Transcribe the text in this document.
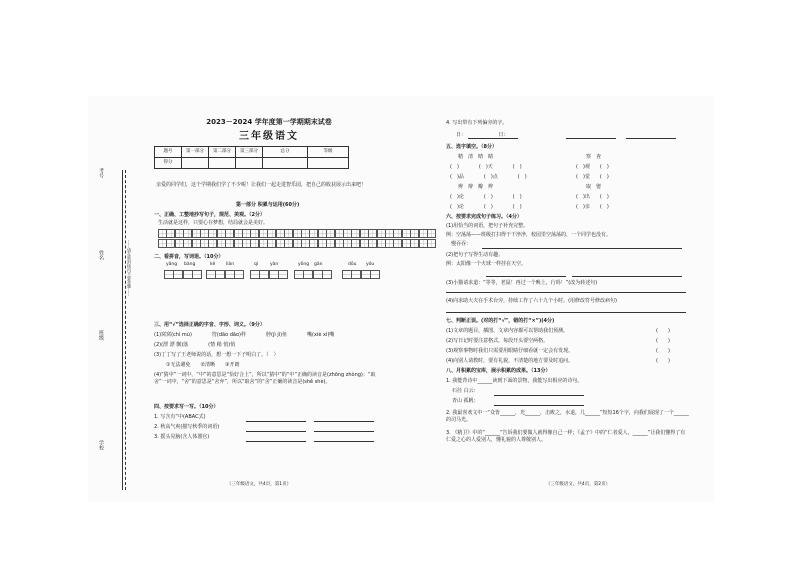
考号
姓名
班级
学校
……请在密封线内不要答题……
2023－2024 学年度第一学期期末试卷
三年级语文
题号	第一部分	第二部分	第三部分	总分	等级
得分					
亲爱的同学们，这个学期我们学了不少呢！让我们一起走进智乐园，把自己的收获展示出来吧！
第一部分 积累与运用(60分)
一、正确、工整地抄写句子，规范、美观。（2分）
生活就是这样，只要心存梦想，结局就会是美好。
二、看拼音，写词语。（10分）
yǎng bàng	kě liàn	qì	yàn	yǒng gǎn	dōu yóu
三、用“√”选择正确的字音、字形、词义。（9分）
(1)窝窝(chì mù)　　　　符(dāo dāo)样　　　　脖(jì jì)鱼　　　　嘴(xiè xì)嘴
(2)(漂 漂 飘)落　　　　(情 稍 悄)悄
(3)丁丁写了王老师说的话，想一想一下子明白了。（　）
①无法避免　　②清晰　　③开朗
(4)“猜中”一词中，“中”的意思是“恰好合上”，所以“猜中”的“中”正确的读音是(zhōng zhòng)；“取舍”一词中，“舍”的意思是“舍弃”，所以“取舍”的“舍”正确的读音是(shě shè)。
四、按要求写一写。（10分）
1. 写含有“中(ABAC式)
2. 秋高气爽(描写秋季的词语)
3. 摇头晃脑(含人体器官)
（三年级语文，共4页，第1页）
4. 写出带有下列偏旁的字。
日：　　　　　　　日：
五、选字填空。（8分）
精　清　晴　睛	察　查
(　)　　　　(　)天　　　　(　)	(　)观　　(　)
(　)品　　　　(　)点　　　　(　)	(　)觉　　(　)
辨　辩　瓣　辫	取　娶
(　)论　　　　(　)　　　　(　)	(　)出　　(　)
(　)论　　　　(　)　　　　(　)	(　)亲　　(　)
六、按要求完成句子练习。（4分）
(1)用恰当的词语，把句子补充完整。
例：空荡荡——班级打扫得干干净净，校园里空荡荡的，一个同学也没有。
　慢吞吞：
(2)把句子写得生动有趣。
例：太阳像一个火球一样挂在天空。
(3)小猫请求道：“等等，老鼠！再过一个晚上，行吗！”(改为转述句)
(4)向求助大夫在手术台旁，持续工作了六十九个小时。(用修改符号修改病句)
七、判断正误。(对的打“√”，错的打“×”)(4分)
(1)文章的题目，插图、文章内容都可以帮助我们预测。	(　　)
(2)写日记时要注意格式，每段开头要空两格。	(　　)
(3)观察事物时我们只需要用眼睛仔细看就一定会有发现。	(　　)
(4)向别人请教时，要有礼貌，不清楚的地方要及时追问。	(　　)
八、月积累的宝库，展示积累的成果。（13分）
1. 我能背诗中______读到下面的景物，我能写出相应的诗句。
石径 白云：
青山 孤帆：
2. 我最喜欢文中一“众皆______，光______，击败之，水退，儿______”短短16个字，向我们展现了一个______的司马光。
3. 《精卫》中的“______”告诉我们要做人就得像自己一样；《孟子》中的“仁者爱人，______”让我们懂得了有仁爱之心的人爱别人，懂礼貌的人尊敬别人。
（三年级语文，共4页，第2页）
